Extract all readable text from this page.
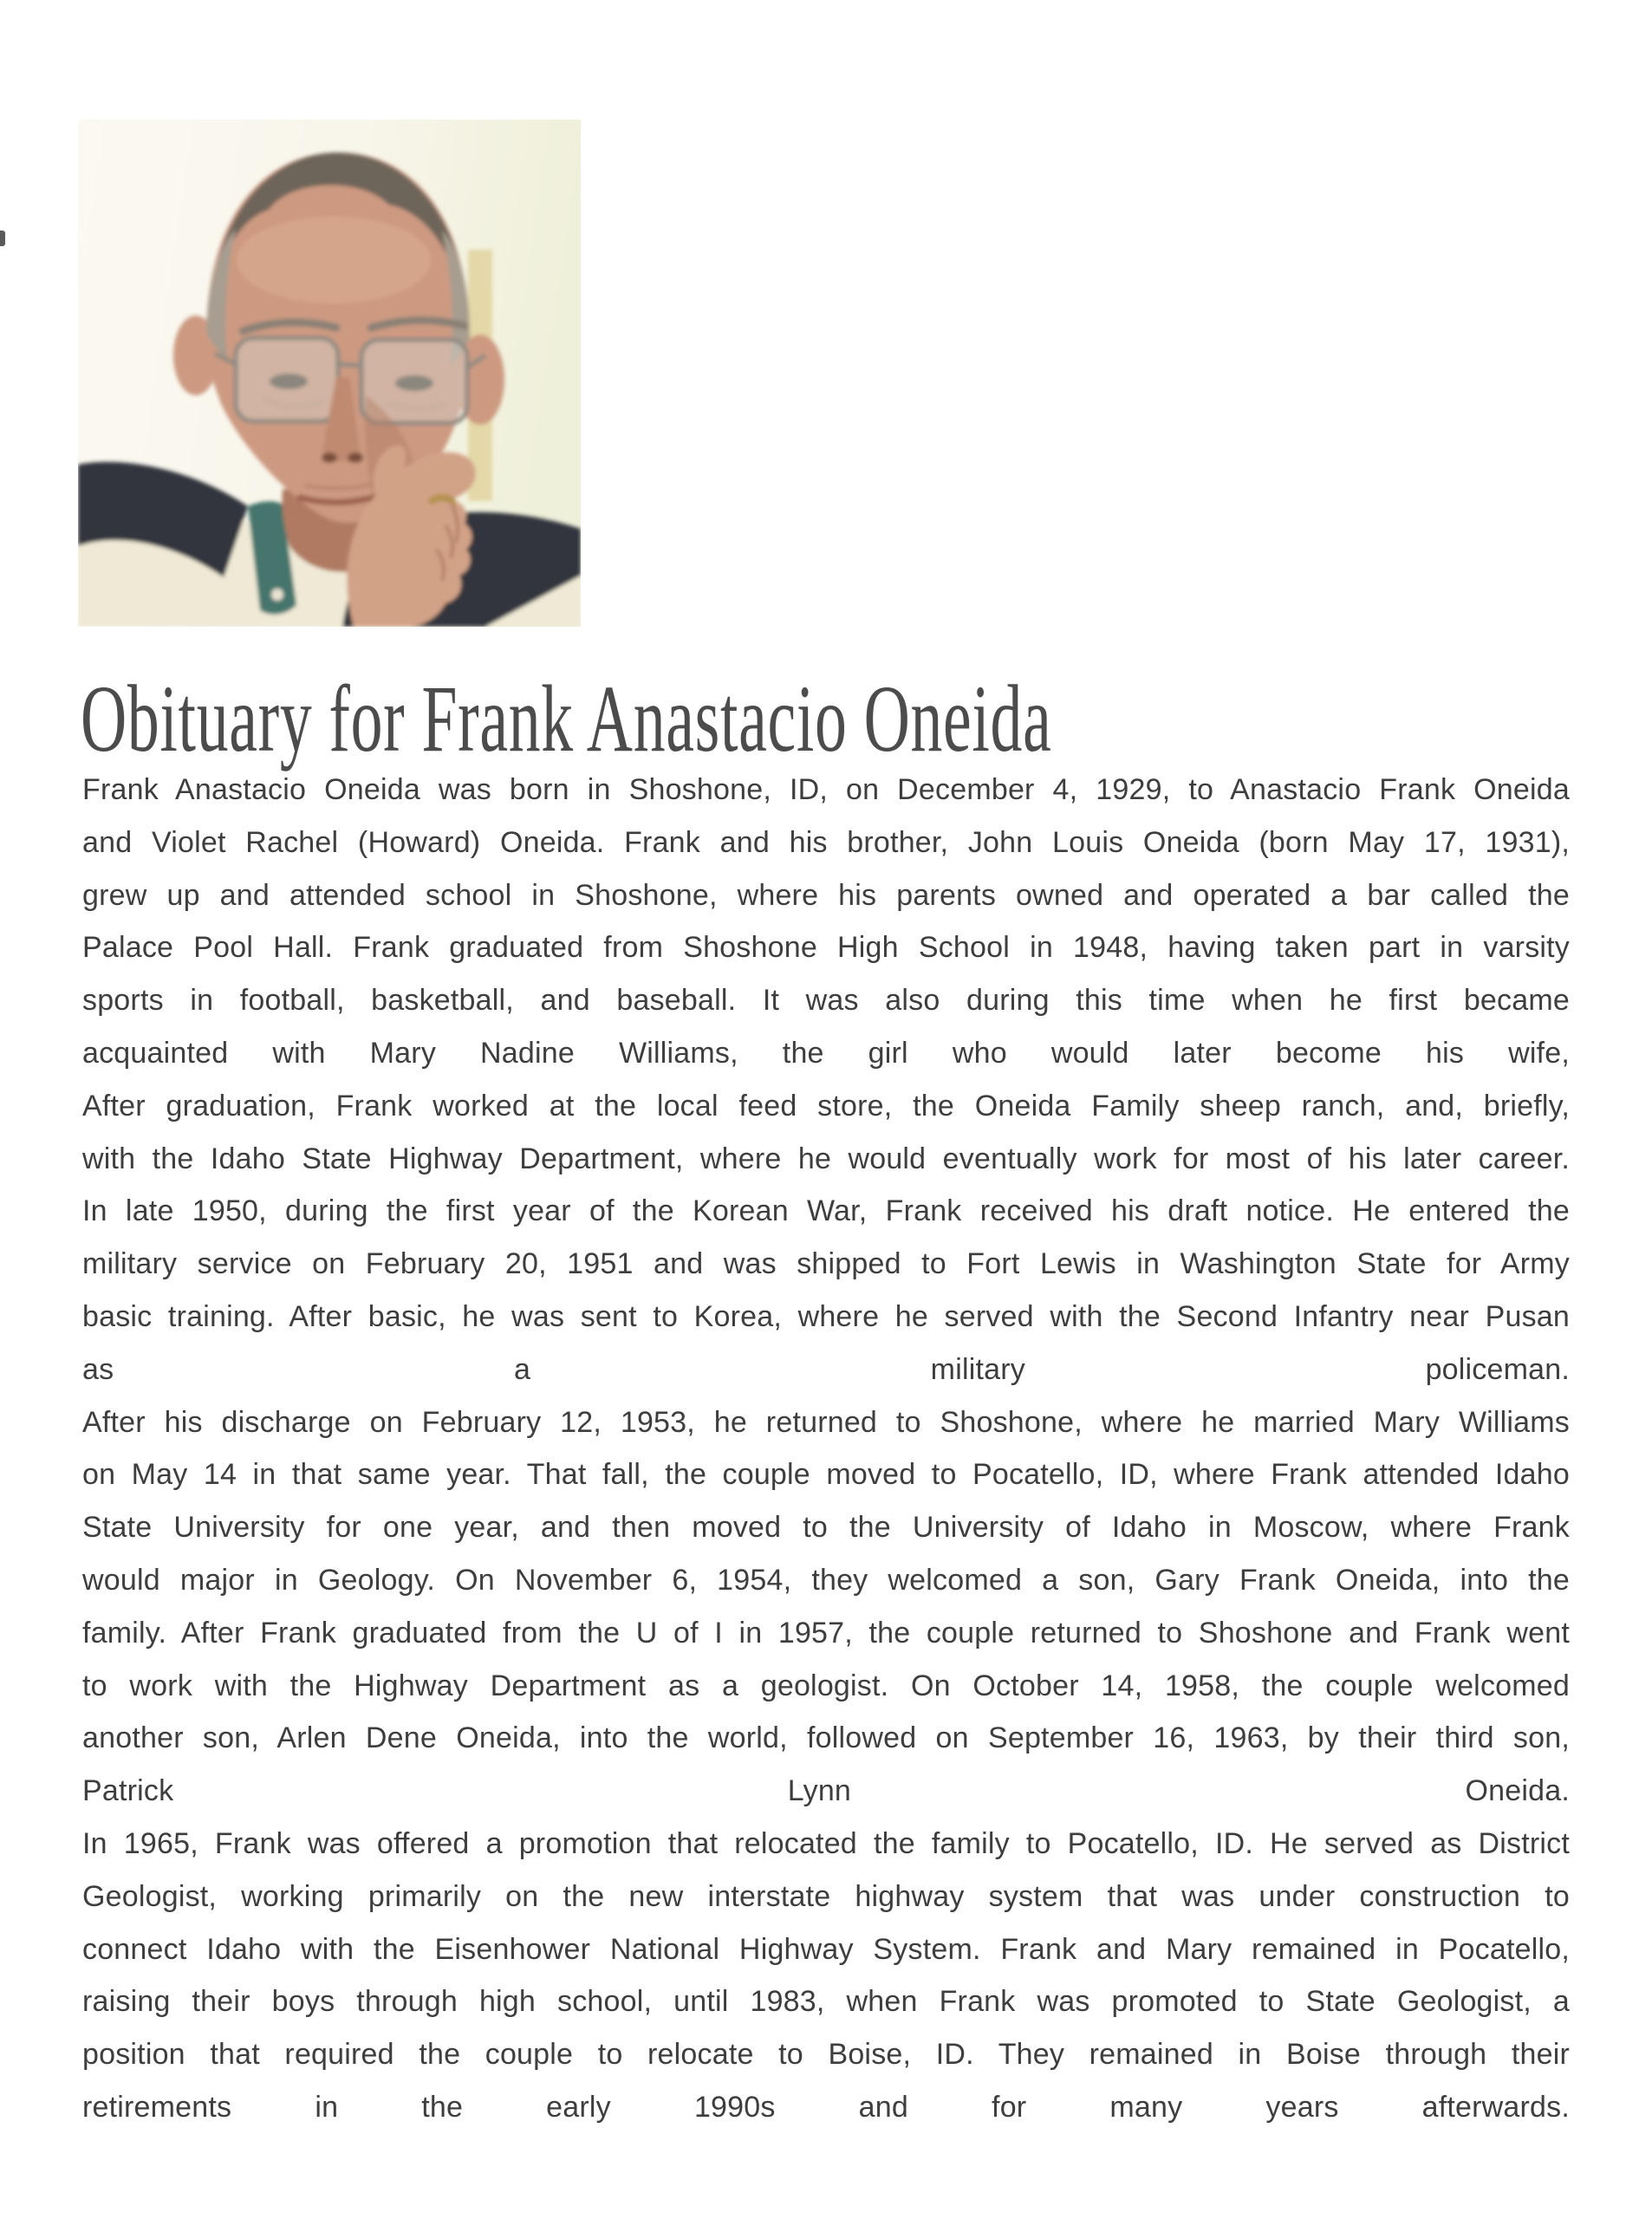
Obituary for Frank Anastacio Oneida
Frank Anastacio Oneida was born in Shoshone, ID, on December 4, 1929, to Anastacio Frank Oneida
and Violet Rachel (Howard) Oneida. Frank and his brother, John Louis Oneida (born May 17, 1931),
grew up and attended school in Shoshone, where his parents owned and operated a bar called the
Palace Pool Hall. Frank graduated from Shoshone High School in 1948, having taken part in varsity
sports in football, basketball, and baseball. It was also during this time when he first became
acquainted with Mary Nadine Williams, the girl who would later become his wife,
After graduation, Frank worked at the local feed store, the Oneida Family sheep ranch, and, briefly,
with the Idaho State Highway Department, where he would eventually work for most of his later career.
In late 1950, during the first year of the Korean War, Frank received his draft notice. He entered the
military service on February 20, 1951 and was shipped to Fort Lewis in Washington State for Army
basic training. After basic, he was sent to Korea, where he served with the Second Infantry near Pusan
as a military policeman.
After his discharge on February 12, 1953, he returned to Shoshone, where he married Mary Williams
on May 14 in that same year. That fall, the couple moved to Pocatello, ID, where Frank attended Idaho
State University for one year, and then moved to the University of Idaho in Moscow, where Frank
would major in Geology. On November 6, 1954, they welcomed a son, Gary Frank Oneida, into the
family. After Frank graduated from the U of I in 1957, the couple returned to Shoshone and Frank went
to work with the Highway Department as a geologist. On October 14, 1958, the couple welcomed
another son, Arlen Dene Oneida, into the world, followed on September 16, 1963, by their third son,
Patrick Lynn Oneida.
In 1965, Frank was offered a promotion that relocated the family to Pocatello, ID. He served as District
Geologist, working primarily on the new interstate highway system that was under construction to
connect Idaho with the Eisenhower National Highway System. Frank and Mary remained in Pocatello,
raising their boys through high school, until 1983, when Frank was promoted to State Geologist, a
position that required the couple to relocate to Boise, ID. They remained in Boise through their
retirements in the early 1990s and for many years afterwards.
